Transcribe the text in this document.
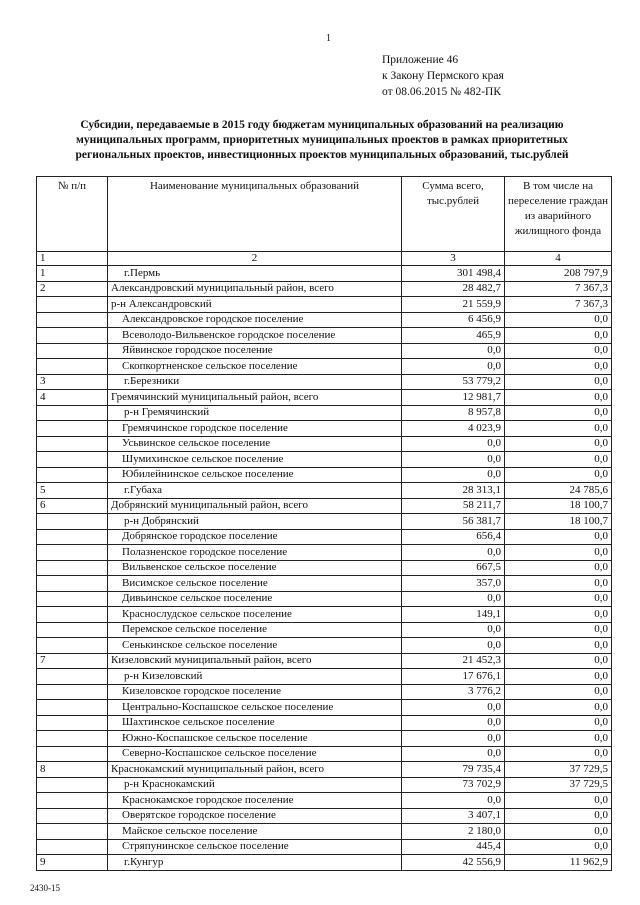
1
Приложение 46
к Закону Пермского края
от 08.06.2015 № 482-ПК
Субсидии, передаваемые в 2015 году бюджетам муниципальных образований на реализацию муниципальных программ, приоритетных муниципальных проектов в рамках приоритетных региональных проектов, инвестиционных проектов муниципальных образований, тыс.рублей
№ п/п	Наименование муниципальных образований	Сумма всего, тыс.рублей	В том числе на переселение граждан из аварийного жилищного фонда
1	2	3	4
1	г.Пермь	301 498,4	208 797,9
2	Александровский муниципальный район, всего	28 482,7	7 367,3
	р-н Александровский	21 559,9	7 367,3
	Александровское городское поселение	6 456,9	0,0
	Всеволодо-Вильвенское городское поселение	465,9	0,0
	Яйвинское городское поселение	0,0	0,0
	Скопкортненское сельское поселение	0,0	0,0
3	г.Березники	53 779,2	0,0
4	Гремячинский муниципальный район, всего	12 981,7	0,0
	р-н Гремячинский	8 957,8	0,0
	Гремячинское городское поселение	4 023,9	0,0
	Усьвинское сельское поселение	0,0	0,0
	Шумихинское сельское поселение	0,0	0,0
	Юбилейнинское сельское поселение	0,0	0,0
5	г.Губаха	28 313,1	24 785,6
6	Добрянский муниципальный район, всего	58 211,7	18 100,7
	р-н Добрянский	56 381,7	18 100,7
	Добрянское городское поселение	656,4	0,0
	Полазненское городское поселение	0,0	0,0
	Вильвенское сельское поселение	667,5	0,0
	Висимское сельское поселение	357,0	0,0
	Дивьинское сельское поселение	0,0	0,0
	Краснослудское сельское поселение	149,1	0,0
	Перемское сельское поселение	0,0	0,0
	Сенькинское сельское поселение	0,0	0,0
7	Кизеловский муниципальный район, всего	21 452,3	0,0
	р-н Кизеловский	17 676,1	0,0
	Кизеловское городское поселение	3 776,2	0,0
	Центрально-Коспашское сельское поселение	0,0	0,0
	Шахтинское сельское поселение	0,0	0,0
	Южно-Коспашское сельское поселение	0,0	0,0
	Северно-Коспашское сельское поселение	0,0	0,0
8	Краснокамский муниципальный район, всего	79 735,4	37 729,5
	р-н Краснокамский	73 702,9	37 729,5
	Краснокамское городское поселение	0,0	0,0
	Оверятское городское поселение	3 407,1	0,0
	Майское сельское поселение	2 180,0	0,0
	Стряпунинское сельское поселение	445,4	0,0
9	г.Кунгур	42 556,9	11 962,9
2430-15
